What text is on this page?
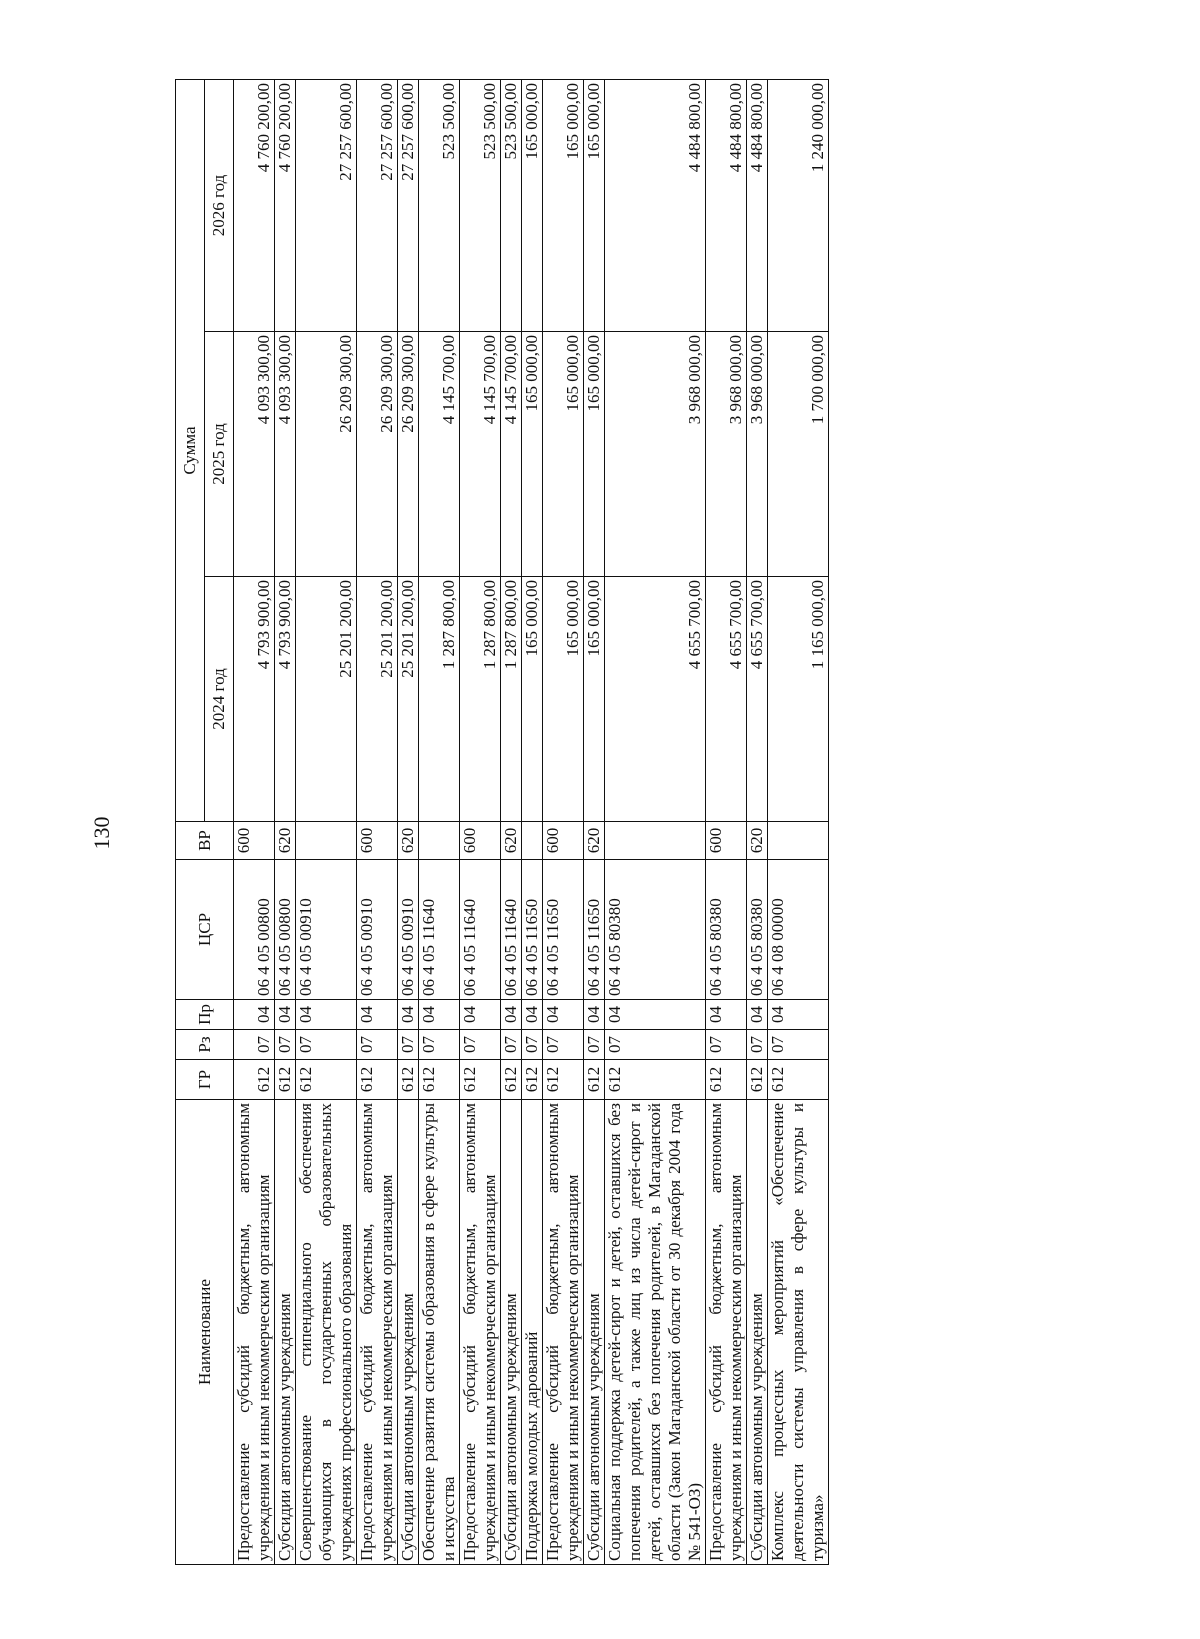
130
Наименование	ГР	Рз	Пр	ЦСР	ВР	Сумма		
						2024 год	2025 год	2026 год
Предоставление субсидий бюджетным, автономным учреждениям и иным некоммерческим организациям	612	07	04	06 4 05 00800	600	4 793 900,00	4 093 300,00	4 760 200,00
Субсидии автономным учреждениям	612	07	04	06 4 05 00800	620	4 793 900,00	4 093 300,00	4 760 200,00
Совершенствование стипендиального обеспечения обучающихся в государственных образовательных учреждениях профессионального образования	612	07	04	06 4 05 00910		25 201 200,00	26 209 300,00	27 257 600,00
Предоставление субсидий бюджетным, автономным учреждениям и иным некоммерческим организациям	612	07	04	06 4 05 00910	600	25 201 200,00	26 209 300,00	27 257 600,00
Субсидии автономным учреждениям	612	07	04	06 4 05 00910	620	25 201 200,00	26 209 300,00	27 257 600,00
Обеспечение развития системы образования в сфере культуры и искусства	612	07	04	06 4 05 11640		1 287 800,00	4 145 700,00	523 500,00
Предоставление субсидий бюджетным, автономным учреждениям и иным некоммерческим организациям	612	07	04	06 4 05 11640	600	1 287 800,00	4 145 700,00	523 500,00
Субсидии автономным учреждениям	612	07	04	06 4 05 11640	620	1 287 800,00	4 145 700,00	523 500,00
Поддержка молодых дарований	612	07	04	06 4 05 11650		165 000,00	165 000,00	165 000,00
Предоставление субсидий бюджетным, автономным учреждениям и иным некоммерческим организациям	612	07	04	06 4 05 11650	600	165 000,00	165 000,00	165 000,00
Субсидии автономным учреждениям	612	07	04	06 4 05 11650	620	165 000,00	165 000,00	165 000,00
Социальная поддержка детей-сирот и детей, оставшихся без попечения родителей, а также лиц из числа детей-сирот и детей, оставшихся без попечения родителей, в Магаданской области (Закон Магаданской области от 30 декабря 2004 года № 541-ОЗ)	612	07	04	06 4 05 80380		4 655 700,00	3 968 000,00	4 484 800,00
Предоставление субсидий бюджетным, автономным учреждениям и иным некоммерческим организациям	612	07	04	06 4 05 80380	600	4 655 700,00	3 968 000,00	4 484 800,00
Субсидии автономным учреждениям	612	07	04	06 4 05 80380	620	4 655 700,00	3 968 000,00	4 484 800,00
Комплекс процессных мероприятий «Обеспечение деятельности системы управления в сфере культуры и туризма»	612	07	04	06 4 08 00000		1 165 000,00	1 700 000,00	1 240 000,00
